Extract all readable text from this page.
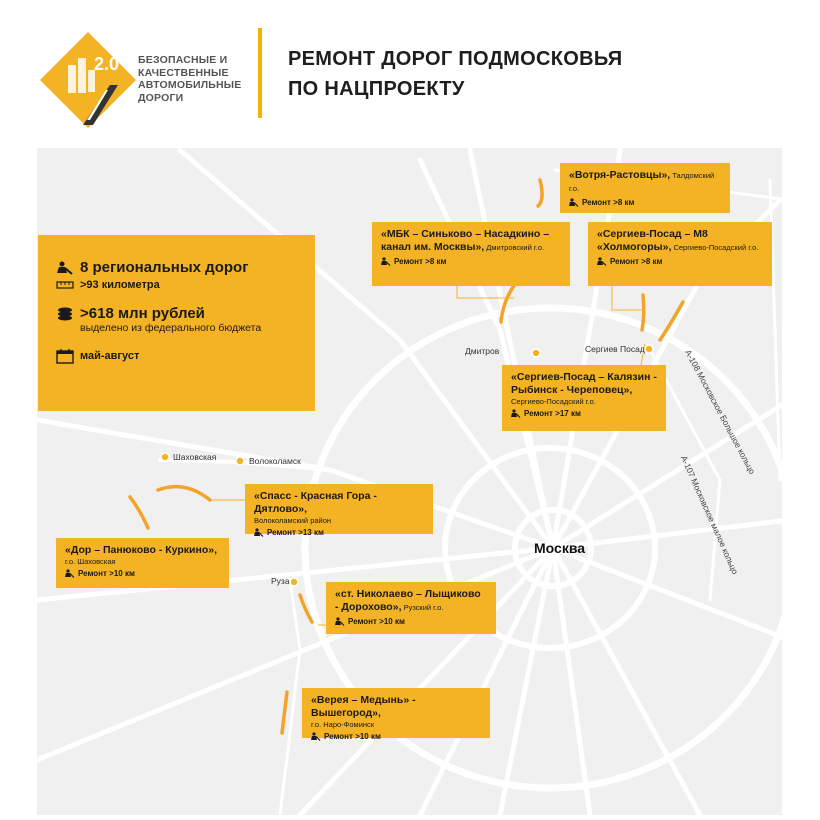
2.0 БЕЗОПАСНЫЕ И
КАЧЕСТВЕННЫЕ
АВТОМОБИЛЬНЫЕ
ДОРОГИ
РЕМОНТ ДОРОГ ПОДМОСКОВЬЯ
ПО НАЦПРОЕКТУ
Дмитров	Сергиев Посад
Шаховская	Волоколамск
Руза
А-108 Московское Большое кольцо
А-107 Московское малое кольцо
Москва
8 региональных дорог
>93 километра
>618 млн рублей
выделено из федерального бюджета
май-август
«Вотря-Растовцы», Талдомский г.о.
Ремонт >8 км
«МБК – Синьково – Насадкино – канал им. Москвы», Дмитровский г.о.
Ремонт >8 км
«Сергиев-Посад – М8 «Холмогоры», Сергиево-Посадский г.о.
Ремонт >8 км
«Сергиев-Посад – Калязин - Рыбинск - Череповец»,
Сергиево-Посадский г.о.
Ремонт >17 км
«Спасс - Красная Гора - Дятлово»,
Волоколамский район
Ремонт >13 км
«Дор – Панюково - Куркино»,
г.о. Шаховская
Ремонт >10 км
«ст. Николаево – Лыщиково - Дорохово», Рузский г.о.
Ремонт >10 км
«Верея – Медынь» - Вышегород»,
г.о. Наро-Фоминск
Ремонт >10 км
